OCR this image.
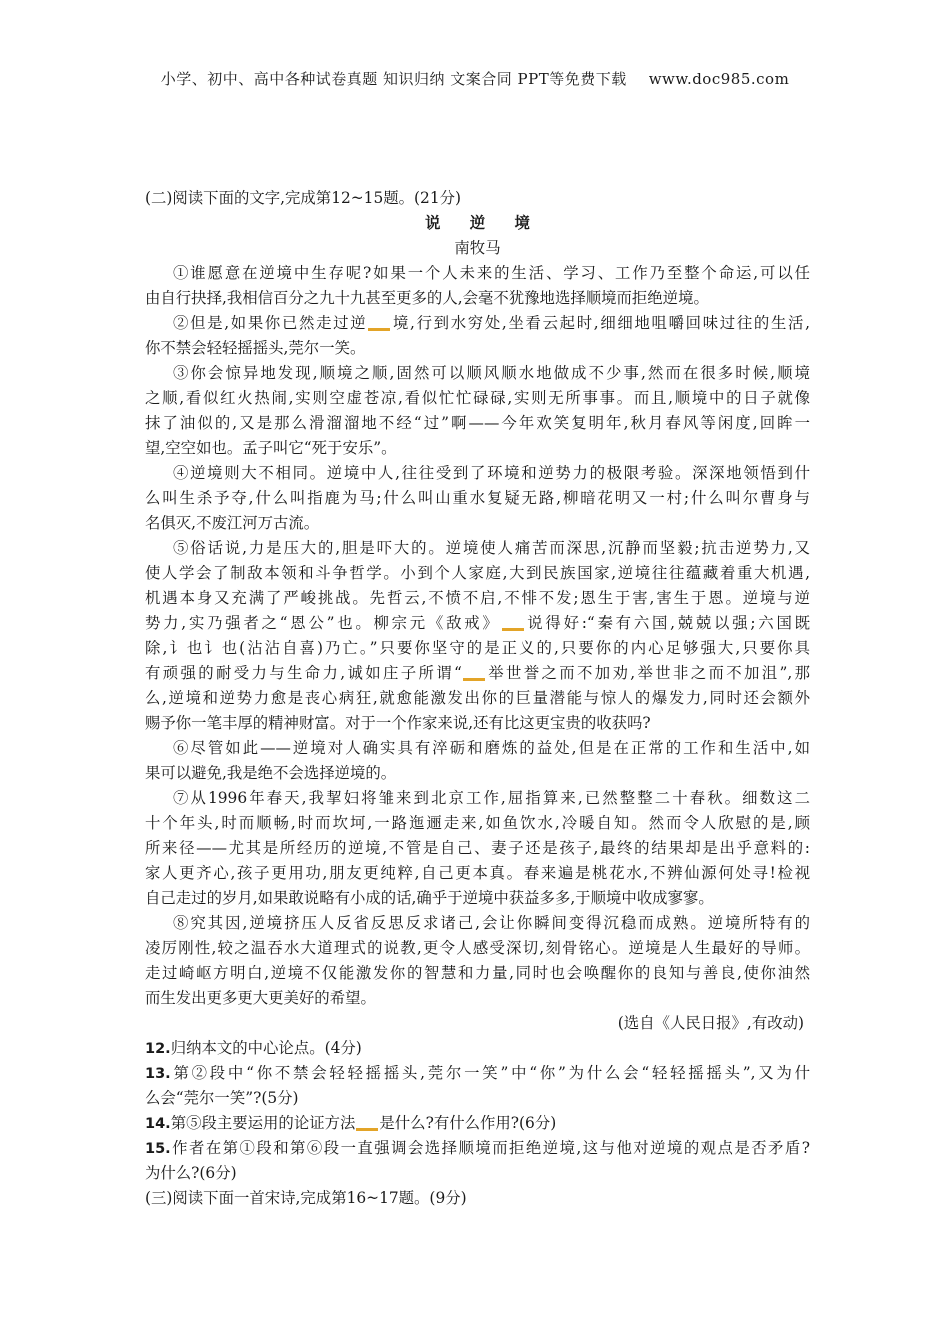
小学、初中、高中各种试卷真题 知识归纳 文案合同 PPT等免费下载 www.doc985.com
(二)阅读下面的文字,完成第12~15题。(21分)
说 逆 境
南牧马
①谁愿意在逆境中生存呢?如果一个人未来的生活、学习、工作乃至整个命运,可以任
由自行抉择,我相信百分之九十九甚至更多的人,会毫不犹豫地选择顺境而拒绝逆境。
②但是,如果你已然走过逆 境,行到水穷处,坐看云起时,细细地咀嚼回味过往的生活,
你不禁会轻轻摇摇头,莞尔一笑。
③你会惊异地发现,顺境之顺,固然可以顺风顺水地做成不少事,然而在很多时候,顺境
之顺,看似红火热闹,实则空虚苍凉,看似忙忙碌碌,实则无所事事。而且,顺境中的日子就像
抹了油似的,又是那么滑溜溜地不经“过”啊——今年欢笑复明年,秋月春风等闲度,回眸一
望,空空如也。孟子叫它“死于安乐”。
④逆境则大不相同。逆境中人,往往受到了环境和逆势力的极限考验。深深地领悟到什
么叫生杀予夺,什么叫指鹿为马;什么叫山重水复疑无路,柳暗花明又一村;什么叫尔曹身与
名俱灭,不废江河万古流。
⑤俗话说,力是压大的,胆是吓大的。逆境使人痛苦而深思,沉静而坚毅;抗击逆势力,又
使人学会了制敌本领和斗争哲学。小到个人家庭,大到民族国家,逆境往往蕴藏着重大机遇,
机遇本身又充满了严峻挑战。先哲云,不愤不启,不悱不发;恩生于害,害生于恩。逆境与逆
势力,实乃强者之“恩公”也。柳宗元《敌戒》 说得好:“秦有六国,兢兢以强;六国既
除,讠也讠也(沾沾自喜)乃亡。”只要你坚守的是正义的,只要你的内心足够强大,只要你具
有顽强的耐受力与生命力,诚如庄子所谓“ 举世誉之而不加劝,举世非之而不加沮”,那
么,逆境和逆势力愈是丧心病狂,就愈能激发出你的巨量潜能与惊人的爆发力,同时还会额外
赐予你一笔丰厚的精神财富。对于一个作家来说,还有比这更宝贵的收获吗?
⑥尽管如此——逆境对人确实具有淬砺和磨炼的益处,但是在正常的工作和生活中,如
果可以避免,我是绝不会选择逆境的。
⑦从1996年春天,我挈妇将雏来到北京工作,屈指算来,已然整整二十春秋。细数这二
十个年头,时而顺畅,时而坎坷,一路迤逦走来,如鱼饮水,冷暖自知。然而令人欣慰的是,顾
所来径——尤其是所经历的逆境,不管是自己、妻子还是孩子,最终的结果却是出乎意料的:
家人更齐心,孩子更用功,朋友更纯粹,自己更本真。春来遍是桃花水,不辨仙源何处寻!检视
自己走过的岁月,如果敢说略有小成的话,确乎于逆境中获益多多,于顺境中收成寥寥。
⑧究其因,逆境挤压人反省反思反求诸己,会让你瞬间变得沉稳而成熟。逆境所特有的
凌厉刚性,较之温吞水大道理式的说教,更令人感受深切,刻骨铭心。逆境是人生最好的导师。
走过崎岖方明白,逆境不仅能激发你的智慧和力量,同时也会唤醒你的良知与善良,使你油然
而生发出更多更大更美好的希望。
(选自《人民日报》,有改动)
12.归纳本文的中心论点。(4分)
13.第②段中“你不禁会轻轻摇摇头,莞尔一笑”中“你”为什么会“轻轻摇摇头”,又为什
么会“莞尔一笑”?(5分)
14.第⑤段主要运用的论证方法 是什么?有什么作用?(6分)
15.作者在第①段和第⑥段一直强调会选择顺境而拒绝逆境,这与他对逆境的观点是否矛盾?
为什么?(6分)
(三)阅读下面一首宋诗,完成第16~17题。(9分)
